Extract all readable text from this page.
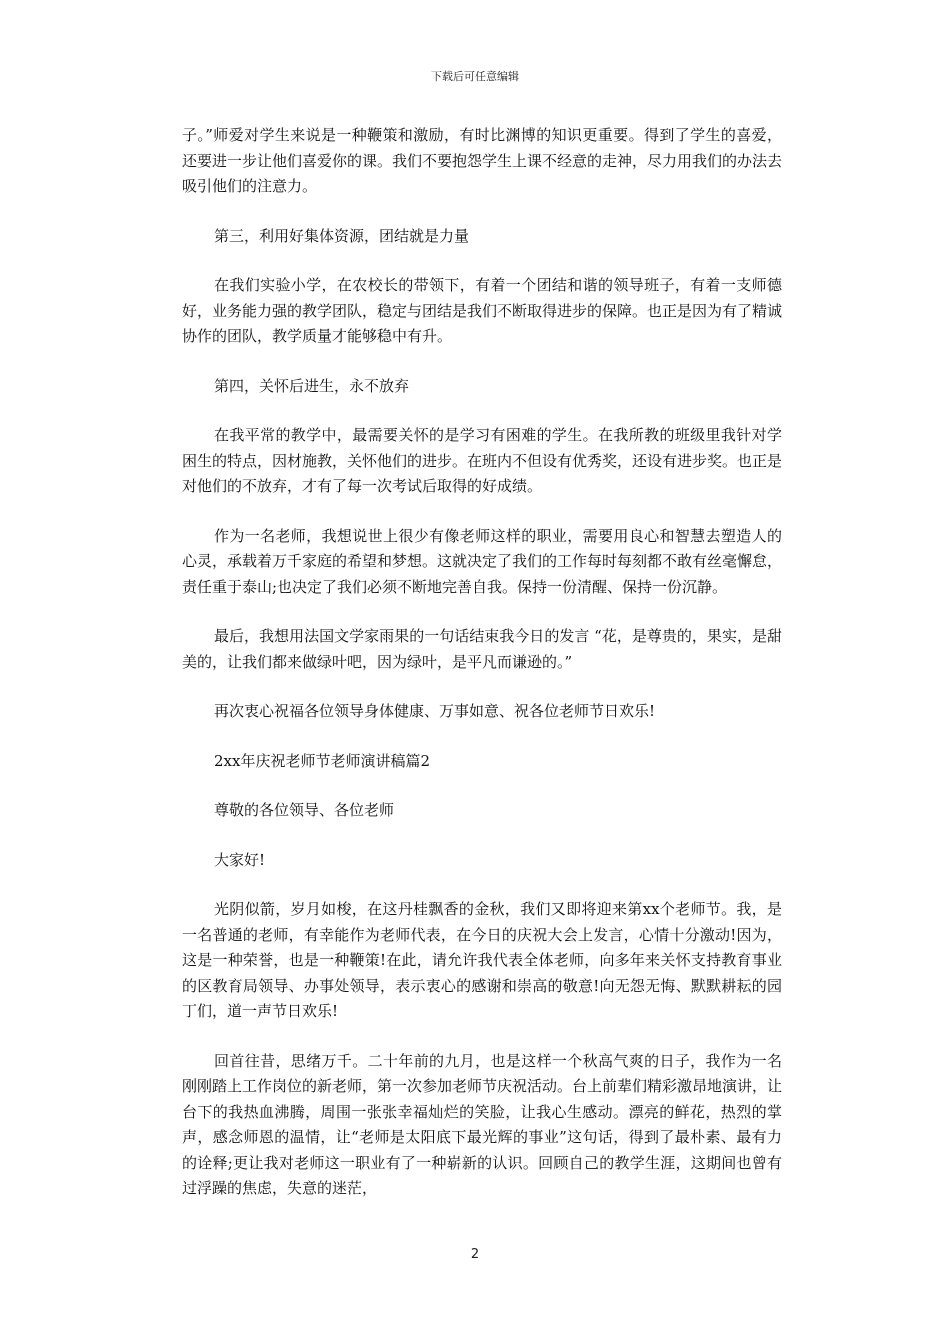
下载后可任意编辑

子。”师爱对学生来说是一种鞭策和激励，有时比渊博的知识更重要。得到了学生的喜爱，还要进一步让他们喜爱你的课。我们不要抱怨学生上课不经意的走神，尽力用我们的办法去吸引他们的注意力。

第三，利用好集体资源，团结就是力量

在我们实验小学，在农校长的带领下，有着一个团结和谐的领导班子，有着一支师德好，业务能力强的教学团队，稳定与团结是我们不断取得进步的保障。也正是因为有了精诚协作的团队，教学质量才能够稳中有升。

第四，关怀后进生，永不放弃

在我平常的教学中，最需要关怀的是学习有困难的学生。在我所教的班级里我针对学困生的特点，因材施教，关怀他们的进步。在班内不但设有优秀奖，还设有进步奖。也正是对他们的不放弃，才有了每一次考试后取得的好成绩。

作为一名老师，我想说世上很少有像老师这样的职业，需要用良心和智慧去塑造人的心灵，承载着万千家庭的希望和梦想。这就决定了我们的工作每时每刻都不敢有丝毫懈怠，责任重于泰山;也决定了我们必须不断地完善自我。保持一份清醒、保持一份沉静。

最后，我想用法国文学家雨果的一句话结束我今日的发言 “花，是尊贵的，果实，是甜美的，让我们都来做绿叶吧，因为绿叶，是平凡而谦逊的。”

再次衷心祝福各位领导身体健康、万事如意、祝各位老师节日欢乐!

2xx年庆祝老师节老师演讲稿篇2

尊敬的各位领导、各位老师

大家好!

光阴似箭，岁月如梭，在这丹桂飘香的金秋，我们又即将迎来第xx个老师节。我，是一名普通的老师，有幸能作为老师代表，在今日的庆祝大会上发言，心情十分激动!因为，这是一种荣誉，也是一种鞭策!在此，请允许我代表全体老师，向多年来关怀支持教育事业的区教育局领导、办事处领导，表示衷心的感谢和崇高的敬意!向无怨无悔、默默耕耘的园丁们，道一声节日欢乐!

回首往昔，思绪万千。二十年前的九月，也是这样一个秋高气爽的日子，我作为一名刚刚踏上工作岗位的新老师，第一次参加老师节庆祝活动。台上前辈们精彩激昂地演讲，让台下的我热血沸腾，周围一张张幸福灿烂的笑脸，让我心生感动。漂亮的鲜花，热烈的掌声，感念师恩的温情，让“老师是太阳底下最光辉的事业”这句话，得到了最朴素、最有力的诠释;更让我对老师这一职业有了一种崭新的认识。回顾自己的教学生涯，这期间也曾有过浮躁的焦虑，失意的迷茫，

2
